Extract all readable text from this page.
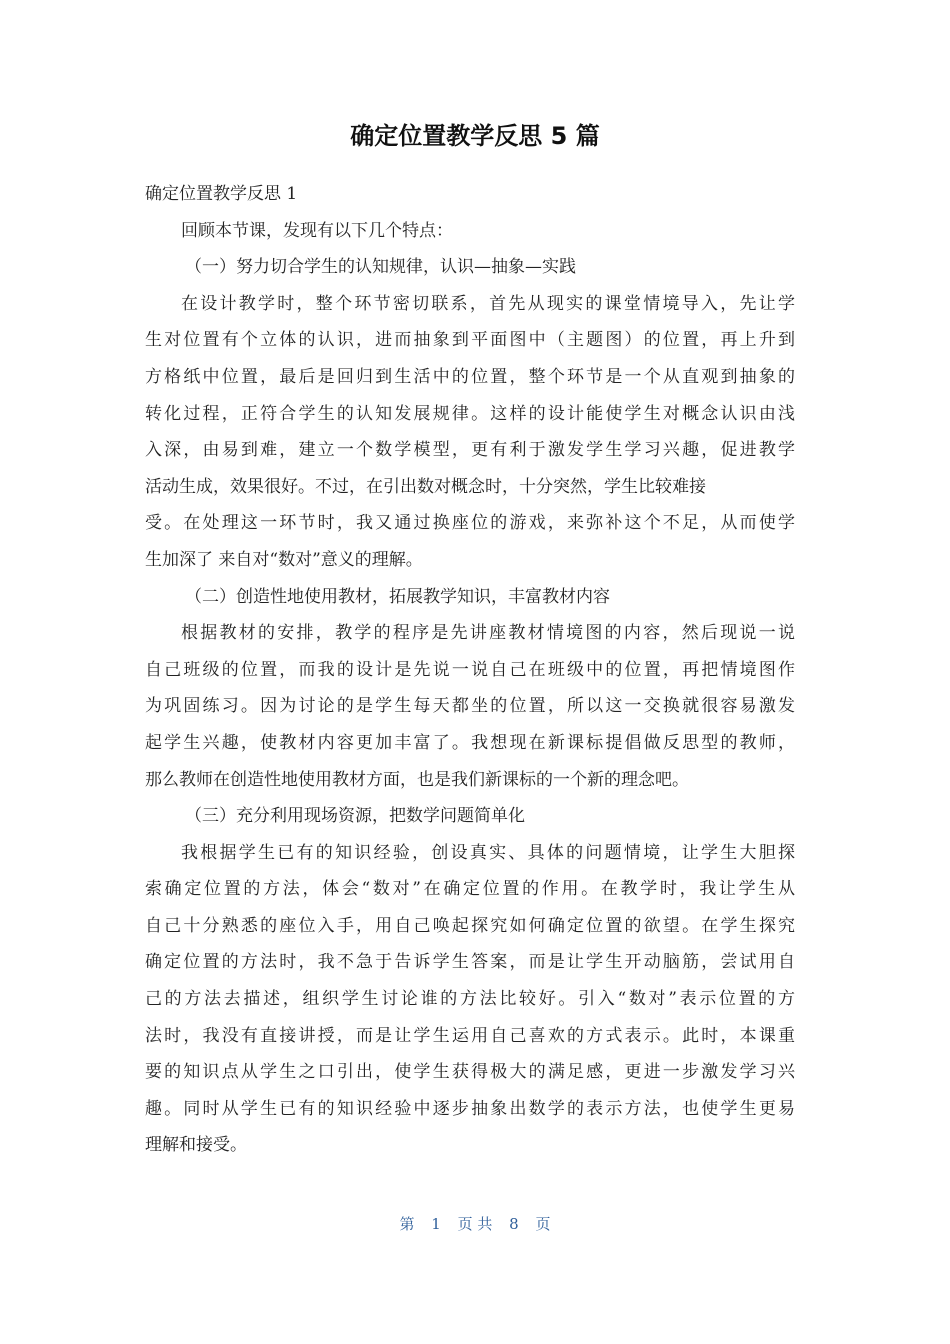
确定位置教学反思 5 篇
确定位置教学反思 1
回顾本节课，发现有以下几个特点：
（一）努力切合学生的认知规律，认识—抽象—实践
在设计教学时，整个环节密切联系，首先从现实的课堂情境导入，先让学
生对位置有个立体的认识，进而抽象到平面图中（主题图）的位置，再上升到
方格纸中位置，最后是回归到生活中的位置，整个环节是一个从直观到抽象的
转化过程，正符合学生的认知发展规律。这样的设计能使学生对概念认识由浅
入深，由易到难，建立一个数学模型，更有利于激发学生学习兴趣，促进教学
活动生成，效果很好。不过，在引出数对概念时，十分突然，学生比较难接
受。在处理这一环节时，我又通过换座位的游戏，来弥补这个不足，从而使学
生加深了 来自对“数对”意义的理解。
（二）创造性地使用教材，拓展教学知识，丰富教材内容
根据教材的安排，教学的程序是先讲座教材情境图的内容，然后现说一说
自己班级的位置，而我的设计是先说一说自己在班级中的位置，再把情境图作
为巩固练习。因为讨论的是学生每天都坐的位置，所以这一交换就很容易激发
起学生兴趣，使教材内容更加丰富了。我想现在新课标提倡做反思型的教师，
那么教师在创造性地使用教材方面，也是我们新课标的一个新的理念吧。
（三）充分利用现场资源，把数学问题简单化
我根据学生已有的知识经验，创设真实、具体的问题情境，让学生大胆探
索确定位置的方法，体会“数对”在确定位置的作用。在教学时，我让学生从
自己十分熟悉的座位入手，用自己唤起探究如何确定位置的欲望。在学生探究
确定位置的方法时，我不急于告诉学生答案，而是让学生开动脑筋，尝试用自
己的方法去描述，组织学生讨论谁的方法比较好。引入“数对”表示位置的方
法时，我没有直接讲授，而是让学生运用自己喜欢的方式表示。此时，本课重
要的知识点从学生之口引出，使学生获得极大的满足感，更进一步激发学习兴
趣。同时从学生已有的知识经验中逐步抽象出数学的表示方法，也使学生更易
理解和接受。
第 1 页 共 8 页
